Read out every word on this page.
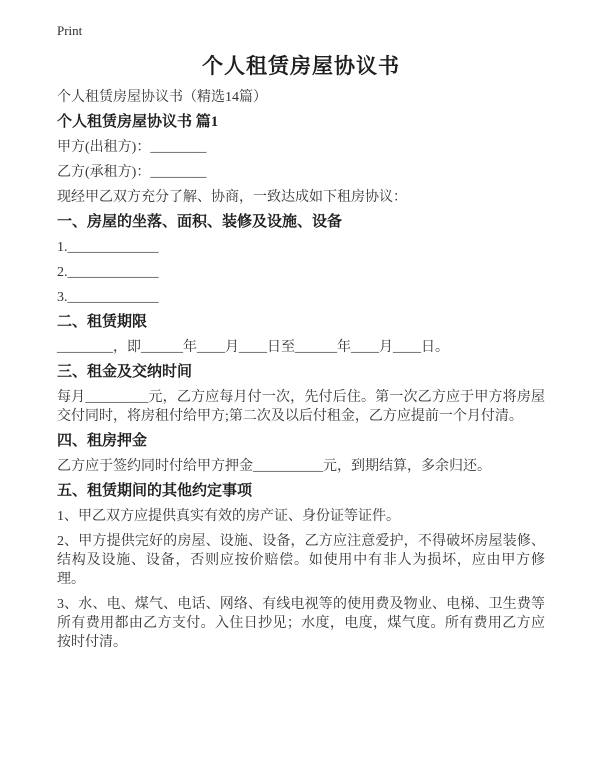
Print
个人租赁房屋协议书

个人租赁房屋协议书（精选14篇）

个人租赁房屋协议书 篇1

甲方(出租方)：________

乙方(承租方)：________

现经甲乙双方充分了解、协商，一致达成如下租房协议：

一、房屋的坐落、面积、装修及设施、设备

1._____________

2._____________

3._____________

二、租赁期限

________，即______年____月____日至______年____月____日。

三、租金及交纳时间

每月_________元，乙方应每月付一次，先付后住。第一次乙方应于甲方将房屋交付同时，将房租付给甲方;第二次及以后付租金，乙方应提前一个月付清。

四、租房押金

乙方应于签约同时付给甲方押金__________元，到期结算，多余归还。

五、租赁期间的其他约定事项

1、甲乙双方应提供真实有效的房产证、身份证等证件。

2、甲方提供完好的房屋、设施、设备，乙方应注意爱护，不得破坏房屋装修、结构及设施、设备，否则应按价赔偿。如使用中有非人为损坏，应由甲方修理。

3、水、电、煤气、电话、网络、有线电视等的使用费及物业、电梯、卫生费等所有费用都由乙方支付。入住日抄见；水度，电度，煤气度。所有费用乙方应按时付清。
